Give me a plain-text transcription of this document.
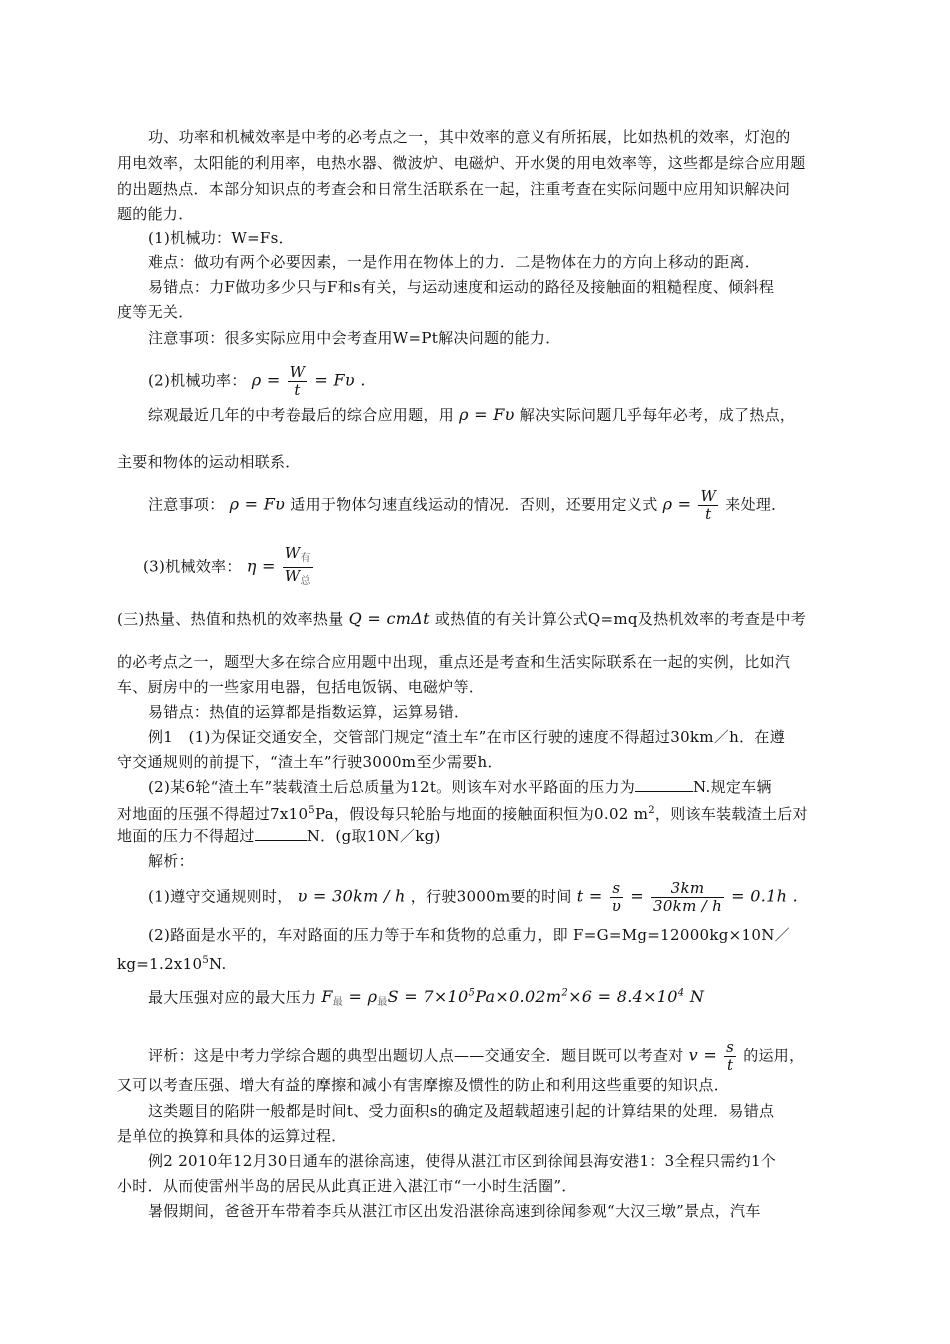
功、功率和机械效率是中考的必考点之一，其中效率的意义有所拓展，比如热机的效率，灯泡的
用电效率，太阳能的利用率，电热水器、微波炉、电磁炉、开水煲的用电效率等，这些都是综合应用题
的出题热点．本部分知识点的考查会和日常生活联系在一起，注重考查在实际问题中应用知识解决问
题的能力．
(1)机械功：W=Fs．
难点：做功有两个必要因素，一是作用在物体上的力．二是物体在力的方向上移动的距离．
易错点：力F做功多少只与F和s有关，与运动速度和运动的路径及接触面的粗糙程度、倾斜程
度等无关．
注意事项：很多实际应用中会考查用W=Pt解决问题的能力．
(2)机械功率： $\rho = \frac{W}{t} = F\upsilon$ .
综观最近几年的中考卷最后的综合应用题，用 ρ = Fυ 解决实际问题几乎每年必考，成了热点，
主要和物体的运动相联系．
注意事项： ρ = Fυ 适用于物体匀速直线运动的情况．否则，还要用定义式 $\rho = \frac{W}{t}$ 来处理．
(3)机械效率： $\eta = \frac{W_有}{W_总}$
(三)热量、热值和热机的效率热量 Q = cmΔt 或热值的有关计算公式Q=mq及热机效率的考查是中考
的必考点之一，题型大多在综合应用题中出现，重点还是考查和生活实际联系在一起的实例，比如汽
车、厨房中的一些家用电器，包括电饭锅、电磁炉等．
易错点：热值的运算都是指数运算，运算易错．
例1　(1)为保证交通安全，交管部门规定“渣土车”在市区行驶的速度不得超过30km／h．在遵
守交通规则的前提下，“渣土车”行驶3000m至少需要h．
(2)某6轮“渣土车”装载渣土后总质量为12t。则该车对水平路面的压力为	N.规定车辆
对地面的压强不得超过$7x10^5Pa$，假设每只轮胎与地面的接触面积恒为0.02 $m^2$，则该车装载渣土后对
地面的压力不得超过	N．(g取10N／kg)
解析：
(1)遵守交通规则时， υ = 30km / h ，行驶3000m要的时间 $t = \frac{s}{\upsilon} = \frac{3km}{30km / h} = 0.1h$ .
(2)路面是水平的，车对路面的压力等于车和货物的总重力，即 F=G=Mg=12000kg×10N／
$kg=1.2x10^5N$.
最大压强对应的最大压力 $F_最 = \rho_最S = 7\times 10^5Pa\times 0.02m^2\times 6 = 8.4\times 10^4$ N
评析：这是中考力学综合题的典型出题切人点——交通安全．题目既可以考查对 $v = \frac{s}{t}$ 的运用，
又可以考查压强、增大有益的摩擦和减小有害摩擦及惯性的防止和利用这些重要的知识点．
这类题目的陷阱一般都是时间t、受力面积s的确定及超载超速引起的计算结果的处理．易错点
是单位的换算和具体的运算过程．
例2 2010年12月30日通车的湛徐高速，使得从湛江市区到徐闻县海安港1：3全程只需约1个
小时．从而使雷州半岛的居民从此真正进入湛江市“一小时生活圈”．
暑假期间，爸爸开车带着李兵从湛江市区出发沿湛徐高速到徐闻参观“大汉三墩”景点，汽车
